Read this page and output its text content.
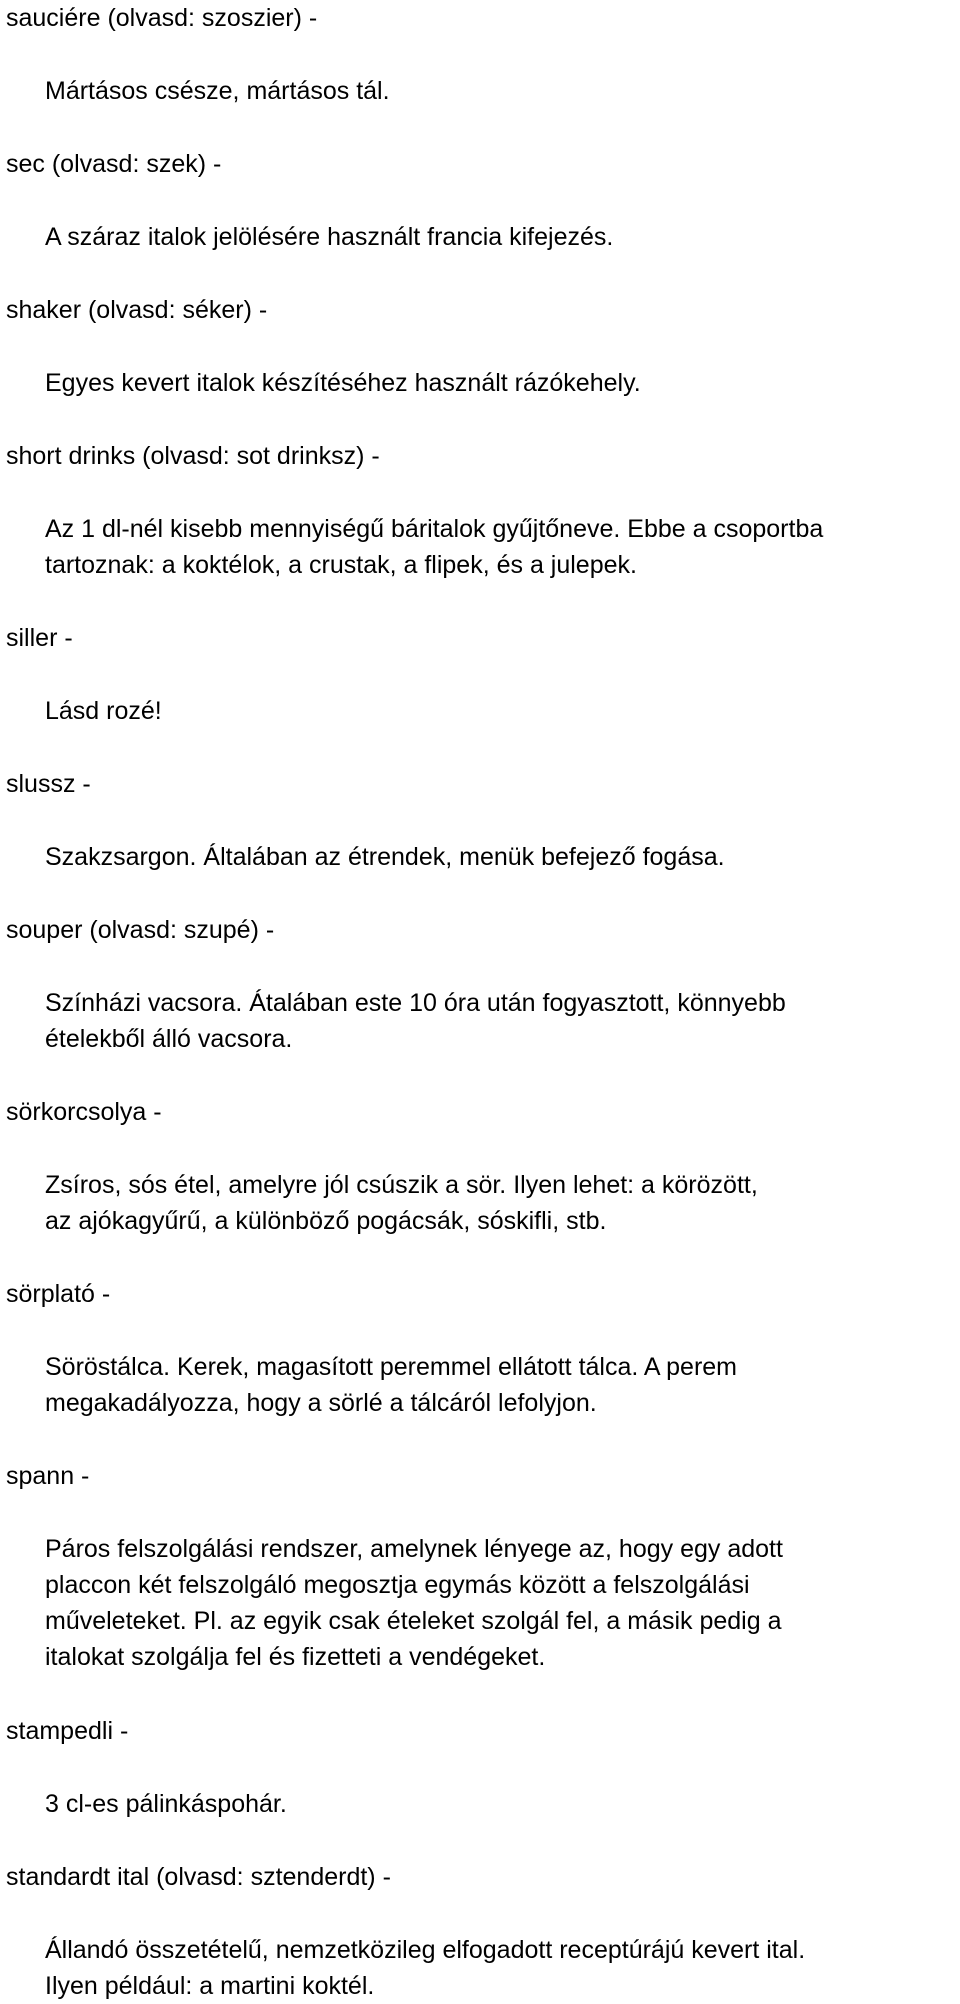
sauciére (olvasd: szoszier) -
Mártásos csésze, mártásos tál.
sec (olvasd: szek) -
A száraz italok jelölésére használt francia kifejezés.
shaker (olvasd: séker) -
Egyes kevert italok készítéséhez használt rázókehely.
short drinks (olvasd: sot drinksz) -
Az 1 dl-nél kisebb mennyiségű báritalok gyűjtőneve. Ebbe a csoportba
tartoznak: a koktélok, a crustak, a flipek, és a julepek.
siller -
Lásd rozé!
slussz -
Szakzsargon. Általában az étrendek, menük befejező fogása.
souper (olvasd: szupé) -
Színházi vacsora. Átalában este 10 óra után fogyasztott, könnyebb
ételekből álló vacsora.
sörkorcsolya -
Zsíros, sós étel, amelyre jól csúszik a sör. Ilyen lehet: a körözött,
az ajókagyűrű, a különböző pogácsák, sóskifli, stb.
sörplató -
Söröstálca. Kerek, magasított peremmel ellátott tálca. A perem
megakadályozza, hogy a sörlé a tálcáról lefolyjon.
spann -
Páros felszolgálási rendszer, amelynek lényege az, hogy egy adott
placcon két felszolgáló megosztja egymás között a felszolgálási
műveleteket. Pl. az egyik csak ételeket szolgál fel, a másik pedig a
italokat szolgálja fel és fizetteti a vendégeket.
stampedli -
3 cl-es pálinkáspohár.
standardt ital (olvasd: sztenderdt) -
Állandó összetételű, nemzetközileg elfogadott receptúrájú kevert ital.
Ilyen például: a martini koktél.
